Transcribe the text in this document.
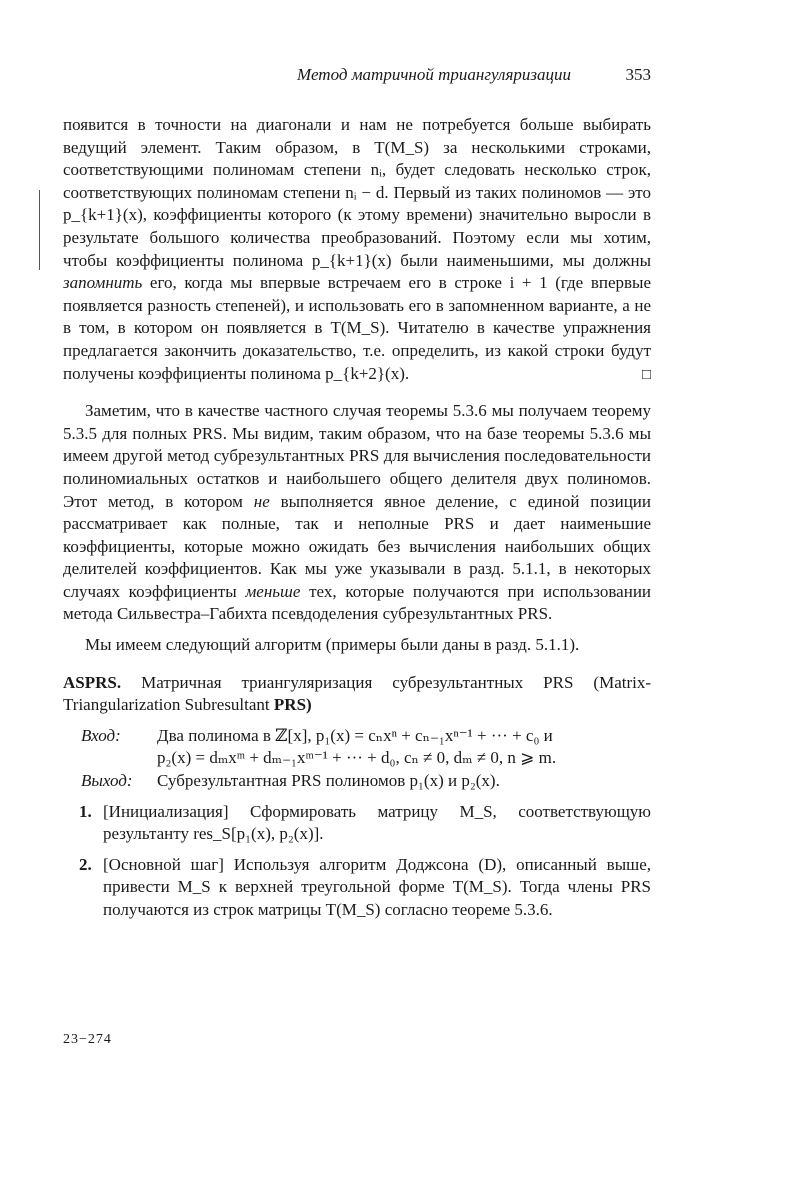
Метод матричной триангуляризации	353

появится в точности на диагонали и нам не потребуется больше выбирать ведущий элемент. Таким образом, в T(M_S) за несколькими строками, соответствующими полиномам степени nᵢ, будет следовать несколько строк, соответствующих полиномам степени nᵢ − d. Первый из таких полиномов — это p_{k+1}(x), коэффициенты которого (к этому времени) значительно выросли в результате большого количества преобразований. Поэтому если мы хотим, чтобы коэффициенты полинома p_{k+1}(x) были наименьшими, мы должны запомнить его, когда мы впервые встречаем его в строке i + 1 (где впервые появляется разность степеней), и использовать его в запомненном варианте, а не в том, в котором он появляется в T(M_S). Читателю в качестве упражнения предлагается закончить доказательство, т.е. определить, из какой строки будут получены коэффициенты полинома p_{k+2}(x).	□

Заметим, что в качестве частного случая теоремы 5.3.6 мы получаем теорему 5.3.5 для полных PRS. Мы видим, таким образом, что на базе теоремы 5.3.6 мы имеем другой метод субрезультантных PRS для вычисления последовательности полиномиальных остатков и наибольшего общего делителя двух полиномов. Этот метод, в котором не выполняется явное деление, с единой позиции рассматривает как полные, так и неполные PRS и дает наименьшие коэффициенты, которые можно ожидать без вычисления наибольших общих делителей коэффициентов. Как мы уже указывали в разд. 5.1.1, в некоторых случаях коэффициенты меньше тех, которые получаются при использовании метода Сильвестра–Габихта псевдоделения субрезультантных PRS.

Мы имеем следующий алгоритм (примеры были даны в разд. 5.1.1).

ASPRS. Матричная триангуляризация субрезультантных PRS (Matrix-Triangularization Subresultant PRS)

Вход: Два полинома в ℤ[x], p₁(x) = cₙxⁿ + cₙ₋₁xⁿ⁻¹ + ··· + c₀ и
p₂(x) = dₘxᵐ + dₘ₋₁xᵐ⁻¹ + ··· + d₀, cₙ ≠ 0, dₘ ≠ 0, n ⩾ m.
Выход: Субрезультантная PRS полиномов p₁(x) и p₂(x).
1. [Инициализация] Сформировать матрицу M_S, соответствующую результанту res_S[p₁(x), p₂(x)].
2. [Основной шаг] Используя алгоритм Доджсона (D), описанный выше, привести M_S к верхней треугольной форме T(M_S). Тогда члены PRS получаются из строк матрицы T(M_S) согласно теореме 5.3.6.
23−274
